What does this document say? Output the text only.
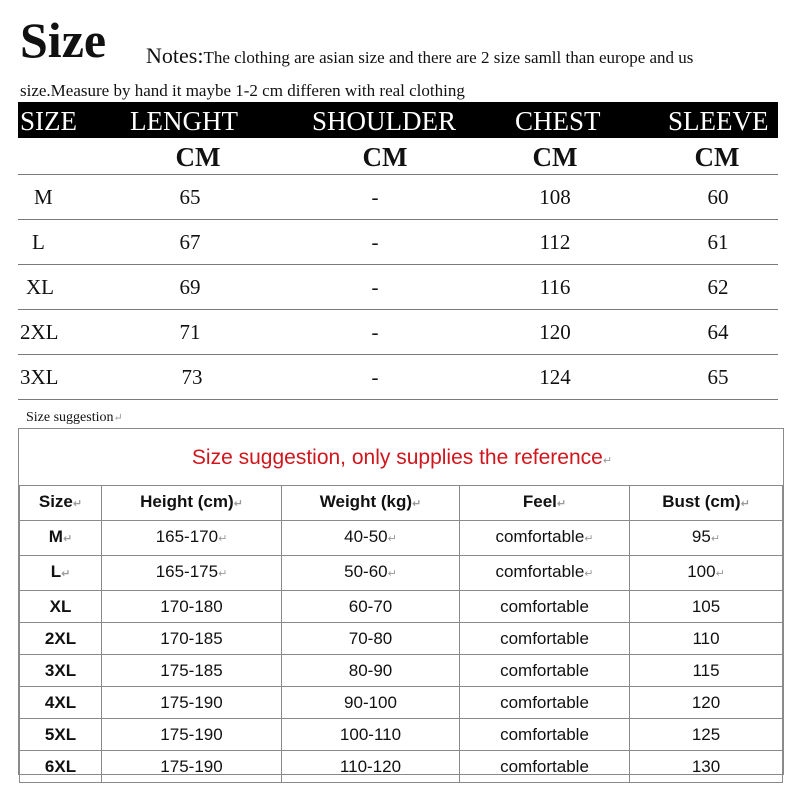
Size Notes:The clothing are asian size and there are 2 size samll than europe and us
size.Measure by hand it maybe 1-2 cm differen with real clothing
SIZE LENGHT	SHOULDER CHEST SLEEVE
CM	CM	CM	CM
M	65	-	108	60
L	67	-	112	61
XL	69	-	116	62
2XL	71	-	120	64
3XL	73	-	124	65
Size suggestion↵
Size suggestion, only supplies the reference↵
Size↵	Height (cm)↵	Weight (kg)↵	Feel↵	Bust (cm)↵
M↵	165-170↵	40-50↵	comfortable↵	95↵
L↵	165-175↵	50-60↵	comfortable↵	100↵
XL	170-180	60-70	comfortable	105
2XL	170-185	70-80	comfortable	110
3XL	175-185	80-90	comfortable	115
4XL	175-190	90-100	comfortable	120
5XL	175-190	100-110	comfortable	125
6XL	175-190	110-120	comfortable	130
